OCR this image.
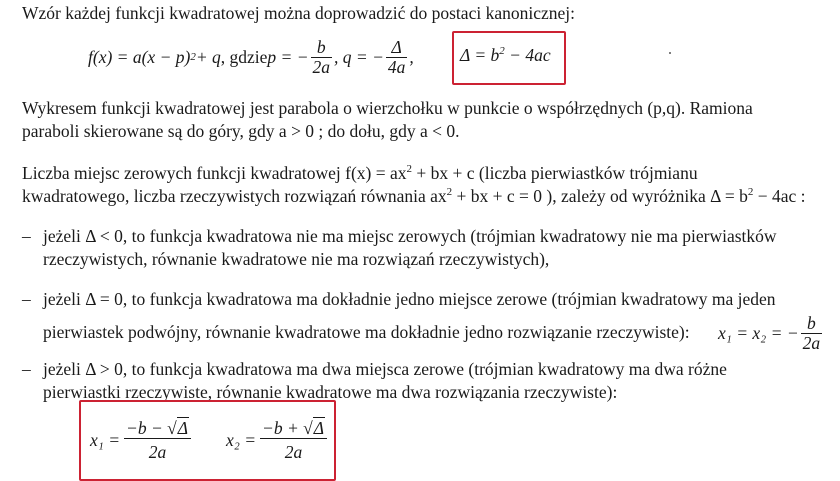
Wzór każdej funkcji kwadratowej można doprowadzić do postaci kanonicznej:
f(x) = a(x − p) 2 + q , gdzie p = − $\frac{b}{2a}$ , q = − $\frac{\Delta}{4a}$ ,	$\Delta = b^2 - 4ac$
Wykresem funkcji kwadratowej jest parabola o wierzchołku w punkcie o współrzędnych (p,q). Ramiona
paraboli skierowane są do góry, gdy a > 0 ; do dołu, gdy a < 0.
Liczba miejsc zerowych funkcji kwadratowej $f(x) = ax^2$ + bx + c (liczba pierwiastków trójmianu
kwadratowego, liczba rzeczywistych rozwiązań równania $ax^2$ + bx + c = 0 ), zależy od wyróżnika $\Delta = b^2 - 4ac$ :
– jeżeli Δ < 0, to funkcja kwadratowa nie ma miejsc zerowych (trójmian kwadratowy nie ma pierwiastków
rzeczywistych, równanie kwadratowe nie ma rozwiązań rzeczywistych),
– jeżeli Δ = 0, to funkcja kwadratowa ma dokładnie jedno miejsce zerowe (trójmian kwadratowy ma jeden
pierwiastek podwójny, równanie kwadratowe ma dokładnie jedno rozwiązanie rzeczywiste): x₁ = x₂ = − $\frac{b}{2a}$
– jeżeli Δ > 0, to funkcja kwadratowa ma dwa miejsca zerowe (trójmian kwadratowy ma dwa różne
pierwiastki rzeczywiste, równanie kwadratowe ma dwa rozwiązania rzeczywiste):
$x_1 = \frac{-b - √\Delta}{2a} x_2 = \frac{-b + √\Delta}{2a}$
